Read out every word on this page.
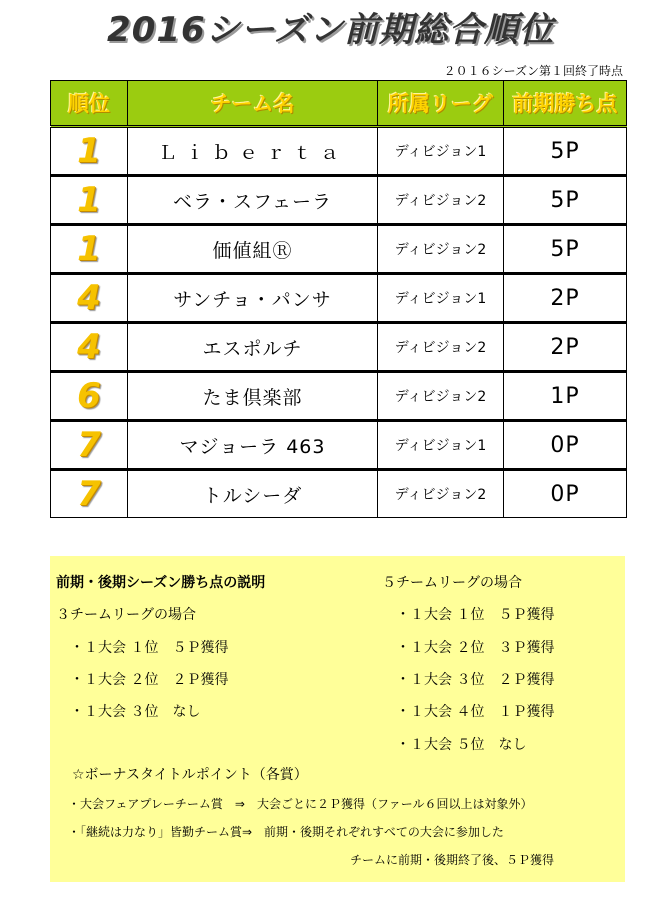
2016シーズン前期総合順位
２０１６シーズン第１回終了時点
順位	チーム名	所属リーグ	前期勝ち点
1	Ｌｉｂｅｒｔａ	ディビジョン1	5P
1	ベラ・スフェーラ	ディビジョン2	5P
1	価値組Ⓡ	ディビジョン2	5P
4	サンチョ・パンサ	ディビジョン1	2P
4	エスポルチ	ディビジョン2	2P
6	たま倶楽部	ディビジョン2	1P
7	マジョーラ 463	ディビジョン1	0P
7	トルシーダ	ディビジョン2	0P
前期・後期シーズン勝ち点の説明
３チームリーグの場合
・１大会 １位　５Ｐ獲得
・１大会 ２位　２Ｐ獲得
・１大会 ３位　なし
５チームリーグの場合
・１大会 １位　５Ｐ獲得
・１大会 ２位　３Ｐ獲得
・１大会 ３位　２Ｐ獲得
・１大会 ４位　１Ｐ獲得
・１大会 ５位　なし
☆ボーナスタイトルポイント（各賞）
・大会フェアプレーチーム賞　⇒　大会ごとに２Ｐ獲得（ファール６回以上は対象外）
・「継続は力なり」皆勤チーム賞⇒　前期・後期それぞれすべての大会に参加した
チームに前期・後期終了後、５Ｐ獲得
